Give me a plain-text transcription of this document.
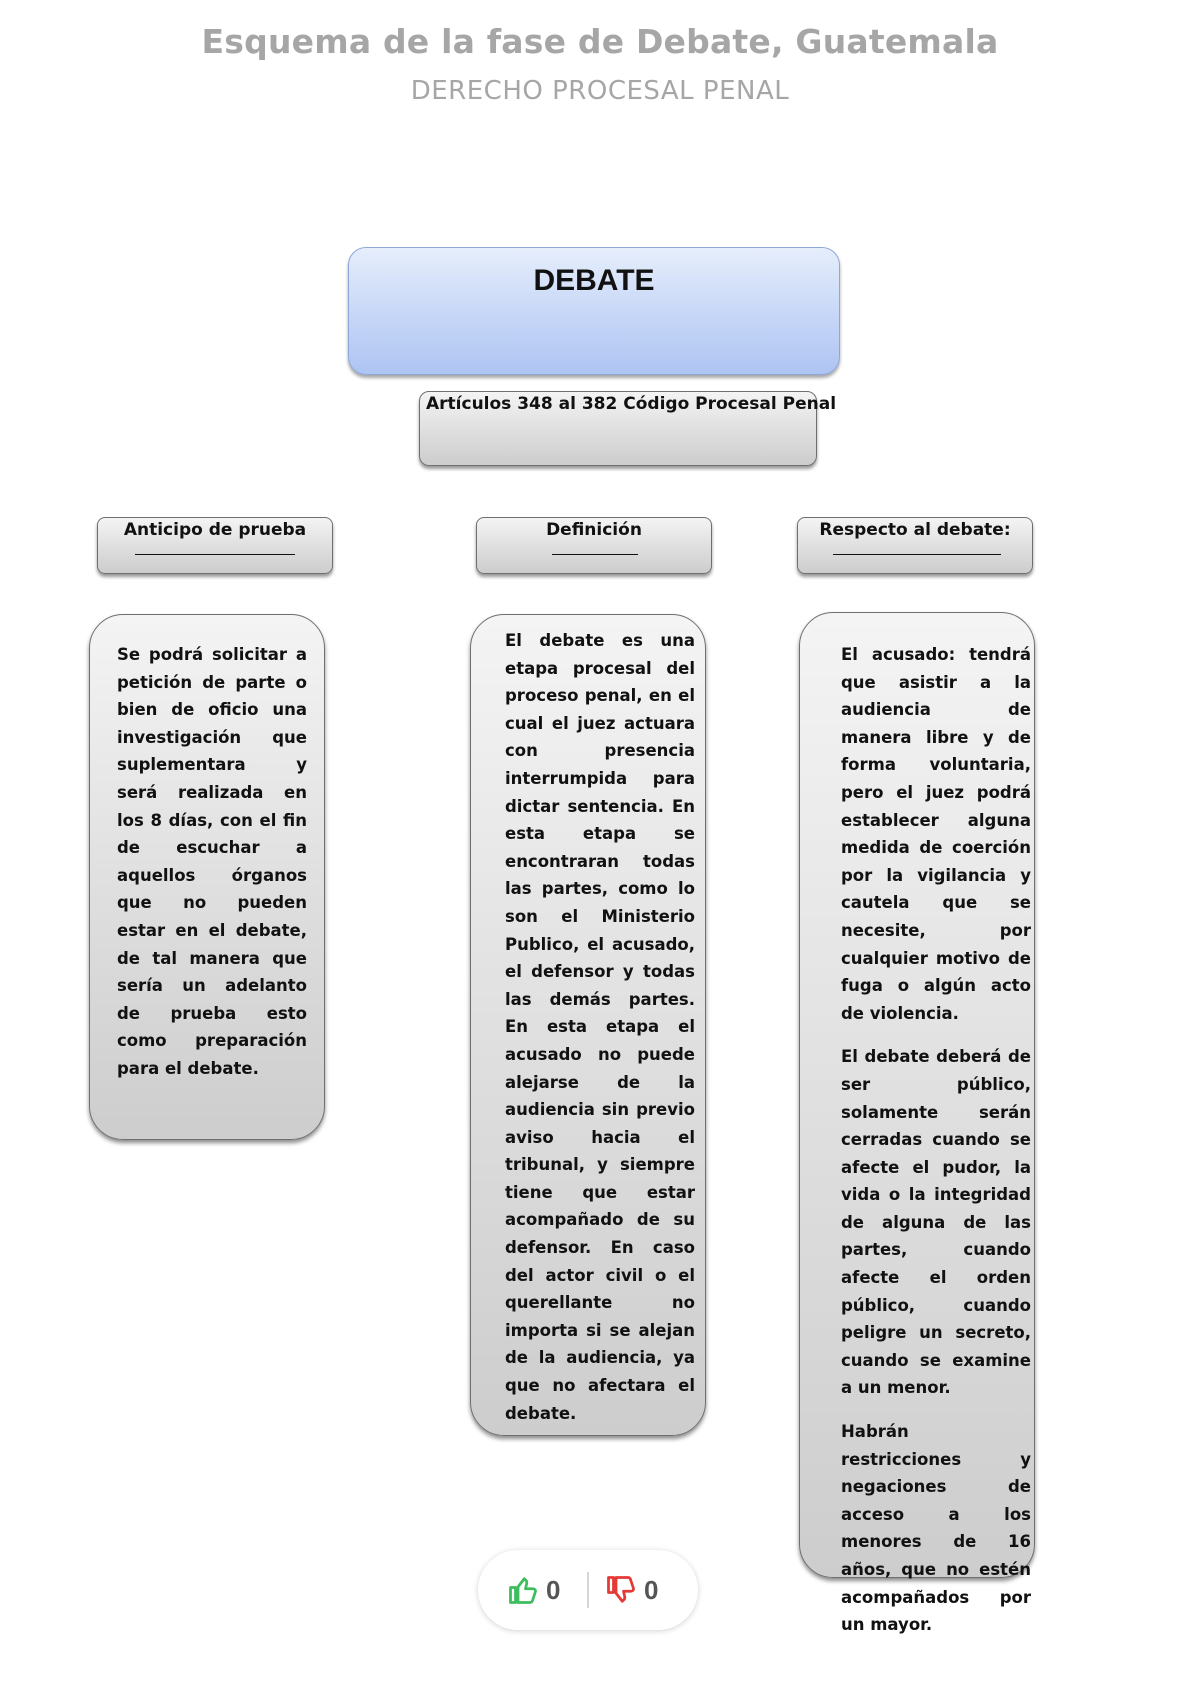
Esquema de la fase de Debate, Guatemala
DERECHO PROCESAL PENAL
DEBATE
Artículos 348 al 382 Código Procesal Penal
Anticipo de prueba	Definición	Respecto al debate:

Se podrá solicitar a petición de parte o bien de oficio una investigación que suplementara y será realizada en los 8 días, con el fin de escuchar a aquellos órganos que no pueden estar en el debate, de tal manera que sería un adelanto de prueba esto como preparación para el debate.

El debate es una etapa procesal del proceso penal, en el cual el juez actuara con presencia interrumpida para dictar sentencia. En esta etapa se encontraran todas las partes, como lo son el Ministerio Publico, el acusado, el defensor y todas las demás partes. En esta etapa el acusado no puede alejarse de la audiencia sin previo aviso hacia el tribunal, y siempre tiene que estar acompañado de su defensor. En caso del actor civil o el querellante no importa si se alejan de la audiencia, ya que no afectara el debate.

El acusado: tendrá que asistir a la audiencia de manera libre y de forma voluntaria, pero el juez podrá establecer alguna medida de coerción por la vigilancia y cautela que se necesite, por cualquier motivo de fuga o algún acto de violencia.

El debate deberá de ser público, solamente serán cerradas cuando se afecte el pudor, la vida o la integridad de alguna de las partes, cuando afecte el orden público, cuando peligre un secreto, cuando se examine a un menor.

Habrán restricciones y negaciones de acceso a los menores de 16 años, que no estén acompañados por un mayor.

0	0
